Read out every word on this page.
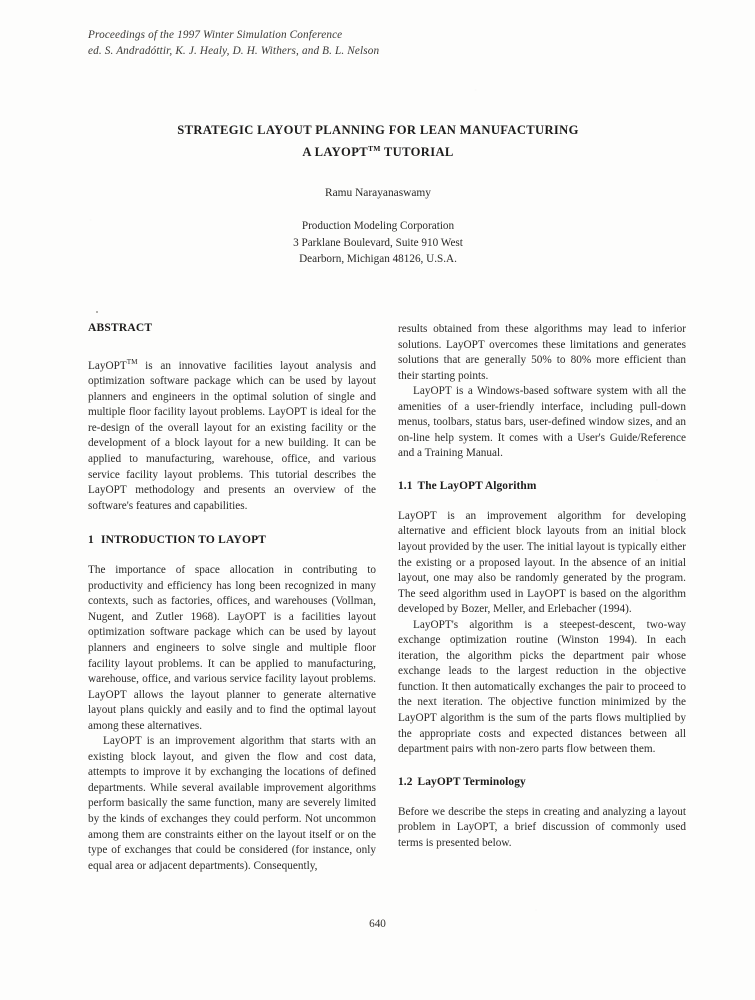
Proceedings of the 1997 Winter Simulation Conference
ed. S. Andradóttir, K. J. Healy, D. H. Withers, and B. L. Nelson
STRATEGIC LAYOUT PLANNING FOR LEAN MANUFACTURING
A LAYOPT™ TUTORIAL
Ramu Narayanaswamy
Production Modeling Corporation
3 Parklane Boulevard, Suite 910 West
Dearborn, Michigan 48126, U.S.A.
ABSTRACT

LayOPT™ is an innovative facilities layout analysis and optimization software package which can be used by layout planners and engineers in the optimal solution of single and multiple floor facility layout problems. LayOPT is ideal for the re-design of the overall layout for an existing facility or the development of a block layout for a new building. It can be applied to manufacturing, warehouse, office, and various service facility layout problems. This tutorial describes the LayOPT methodology and presents an overview of the software's features and capabilities.

1 INTRODUCTION TO LAYOPT

The importance of space allocation in contributing to productivity and efficiency has long been recognized in many contexts, such as factories, offices, and warehouses (Vollman, Nugent, and Zutler 1968). LayOPT is a facilities layout optimization software package which can be used by layout planners and engineers to solve single and multiple floor facility layout problems. It can be applied to manufacturing, warehouse, office, and various service facility layout problems. LayOPT allows the layout planner to generate alternative layout plans quickly and easily and to find the optimal layout among these alternatives.

LayOPT is an improvement algorithm that starts with an existing block layout, and given the flow and cost data, attempts to improve it by exchanging the locations of defined departments. While several available improvement algorithms perform basically the same function, many are severely limited by the kinds of exchanges they could perform. Not uncommon among them are constraints either on the layout itself or on the type of exchanges that could be considered (for instance, only equal area or adjacent departments). Consequently,

results obtained from these algorithms may lead to inferior solutions. LayOPT overcomes these limitations and generates solutions that are generally 50% to 80% more efficient than their starting points.

LayOPT is a Windows-based software system with all the amenities of a user-friendly interface, including pull-down menus, toolbars, status bars, user-defined window sizes, and an on-line help system. It comes with a User's Guide/Reference and a Training Manual.

1.1 The LayOPT Algorithm

LayOPT is an improvement algorithm for developing alternative and efficient block layouts from an initial block layout provided by the user. The initial layout is typically either the existing or a proposed layout. In the absence of an initial layout, one may also be randomly generated by the program. The seed algorithm used in LayOPT is based on the algorithm developed by Bozer, Meller, and Erlebacher (1994).

LayOPT's algorithm is a steepest-descent, two-way exchange optimization routine (Winston 1994). In each iteration, the algorithm picks the department pair whose exchange leads to the largest reduction in the objective function. It then automatically exchanges the pair to proceed to the next iteration. The objective function minimized by the LayOPT algorithm is the sum of the parts flows multiplied by the appropriate costs and expected distances between all department pairs with non-zero parts flow between them.

1.2 LayOPT Terminology

Before we describe the steps in creating and analyzing a layout problem in LayOPT, a brief discussion of commonly used terms is presented below.

640
